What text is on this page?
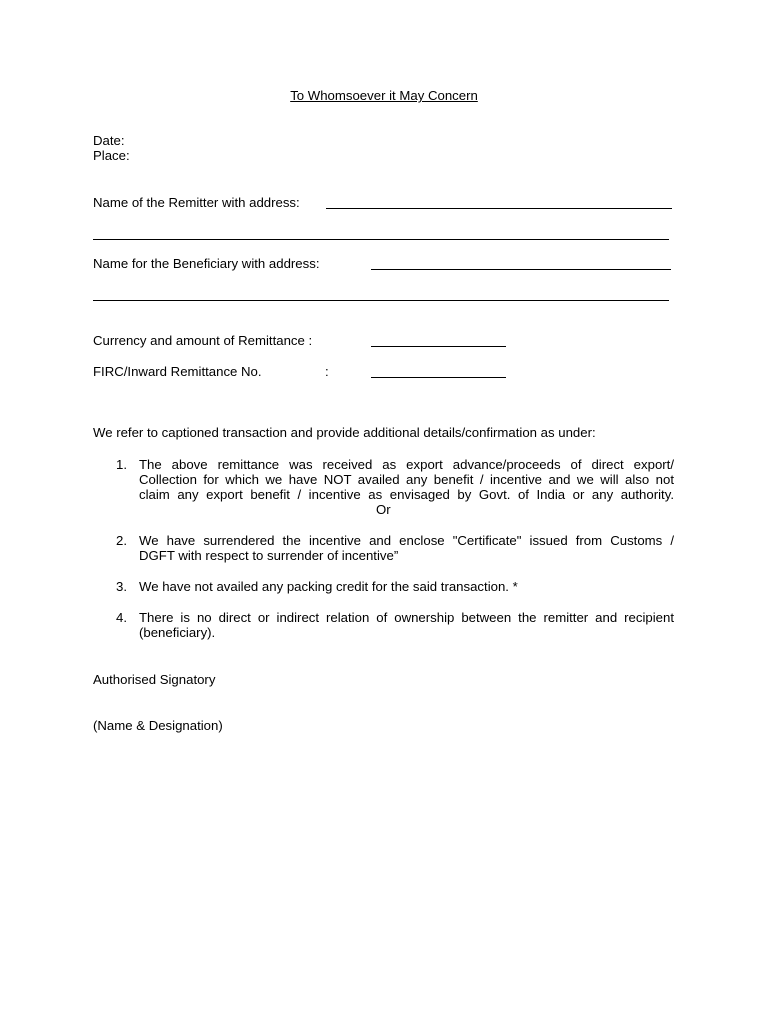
To Whomsoever it May Concern
Date:
Place:
Name of the Remitter with address:
Name for the Beneficiary with address:
Currency and amount of Remittance :
FIRC/Inward Remittance No.	:
We refer to captioned transaction and provide additional details/confirmation as under:
1. The above remittance was received as export advance/proceeds of direct export/
Collection for which we have NOT availed any benefit / incentive and we will also not
claim any export benefit / incentive as envisaged by Govt. of India or any authority.
Or
2. We have surrendered the incentive and enclose "Certificate" issued from Customs /
DGFT with respect to surrender of incentive”
3. We have not availed any packing credit for the said transaction. *
4. There is no direct or indirect relation of ownership between the remitter and recipient
(beneficiary).
Authorised Signatory
(Name & Designation)
